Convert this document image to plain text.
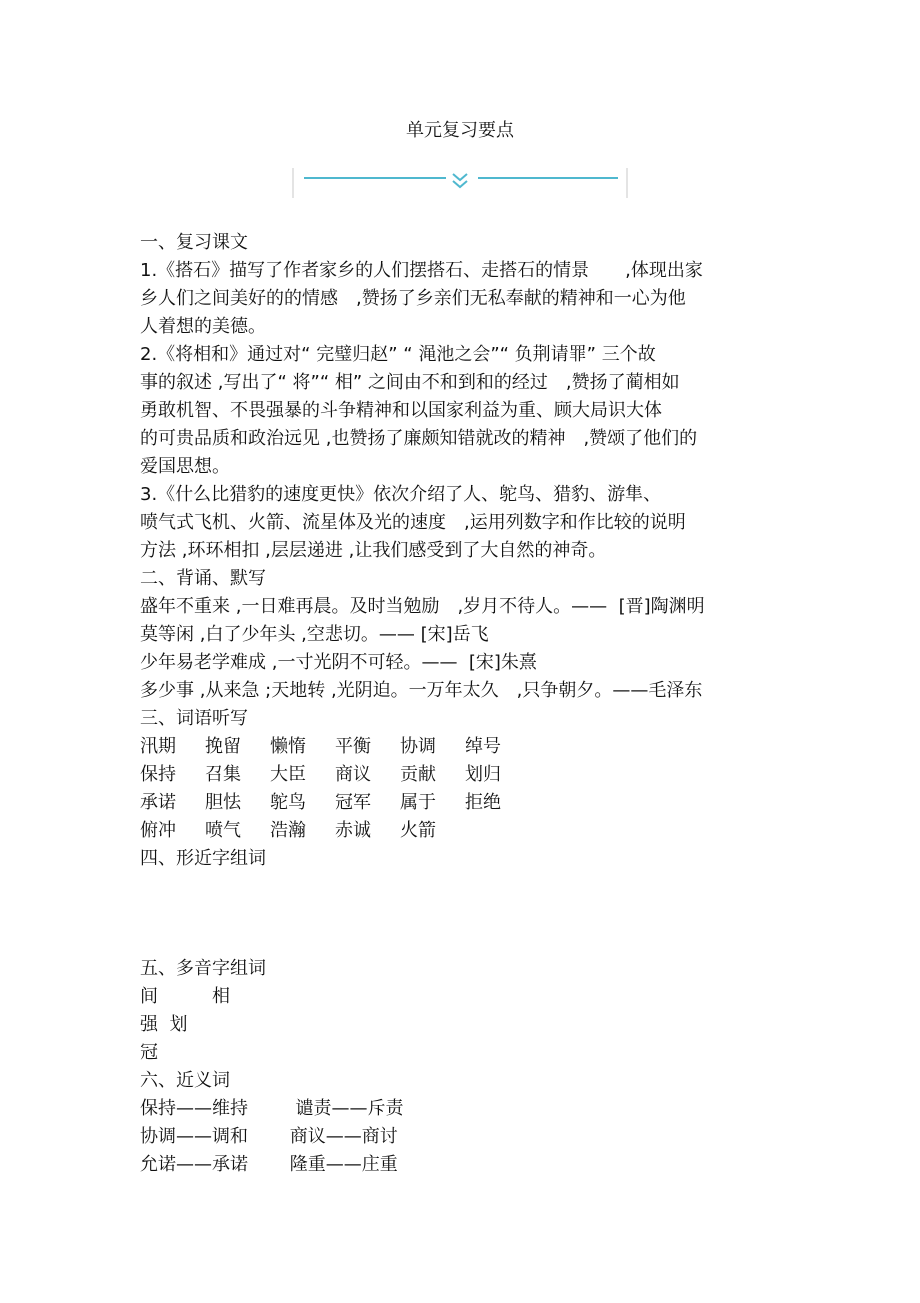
单元复习要点
一、复习课文
1.《搭石》描写了作者家乡的人们摆搭石、走搭石的情景　　,体现出家
乡人们之间美好的的情感　,赞扬了乡亲们无私奉献的精神和一心为他
人着想的美德。
2.《将相和》通过对“ 完璧归赵” “ 渑池之会”“ 负荆请罪” 三个故
事的叙述 ,写出了“ 将”“ 相” 之间由不和到和的经过　,赞扬了蔺相如
勇敢机智、不畏强暴的斗争精神和以国家利益为重、顾大局识大体
的可贵品质和政治远见 ,也赞扬了廉颇知错就改的精神　,赞颂了他们的
爱国思想。
3.《什么比猎豹的速度更快》依次介绍了人、鸵鸟、猎豹、游隼、
喷气式飞机、火箭、流星体及光的速度　,运用列数字和作比较的说明
方法 ,环环相扣 ,层层递进 ,让我们感受到了大自然的神奇。
二、背诵、默写
盛年不重来 ,一日难再晨。及时当勉励　,岁月不待人。——  [晋]陶渊明
莫等闲 ,白了少年头 ,空悲切。—— [宋]岳飞
少年易老学难成 ,一寸光阴不可轻。——  [宋]朱熹
多少事 ,从来急 ;天地转 ,光阴迫。一万年太久　,只争朝夕。——毛泽东
三、词语听写
汛期 挽留 懒惰 平衡 协调 绰号
保持 召集 大臣 商议 贡献 划归
承诺 胆怯 鸵鸟 冠军 属于 拒绝
俯冲 喷气 浩瀚 赤诚 火箭
四、形近字组词
五、多音字组词
间　　　相
强  划
冠
六、近义词
保持——维持　　  谴责——斥责
协调——调和　　 商议——商讨
允诺——承诺　　 隆重——庄重
